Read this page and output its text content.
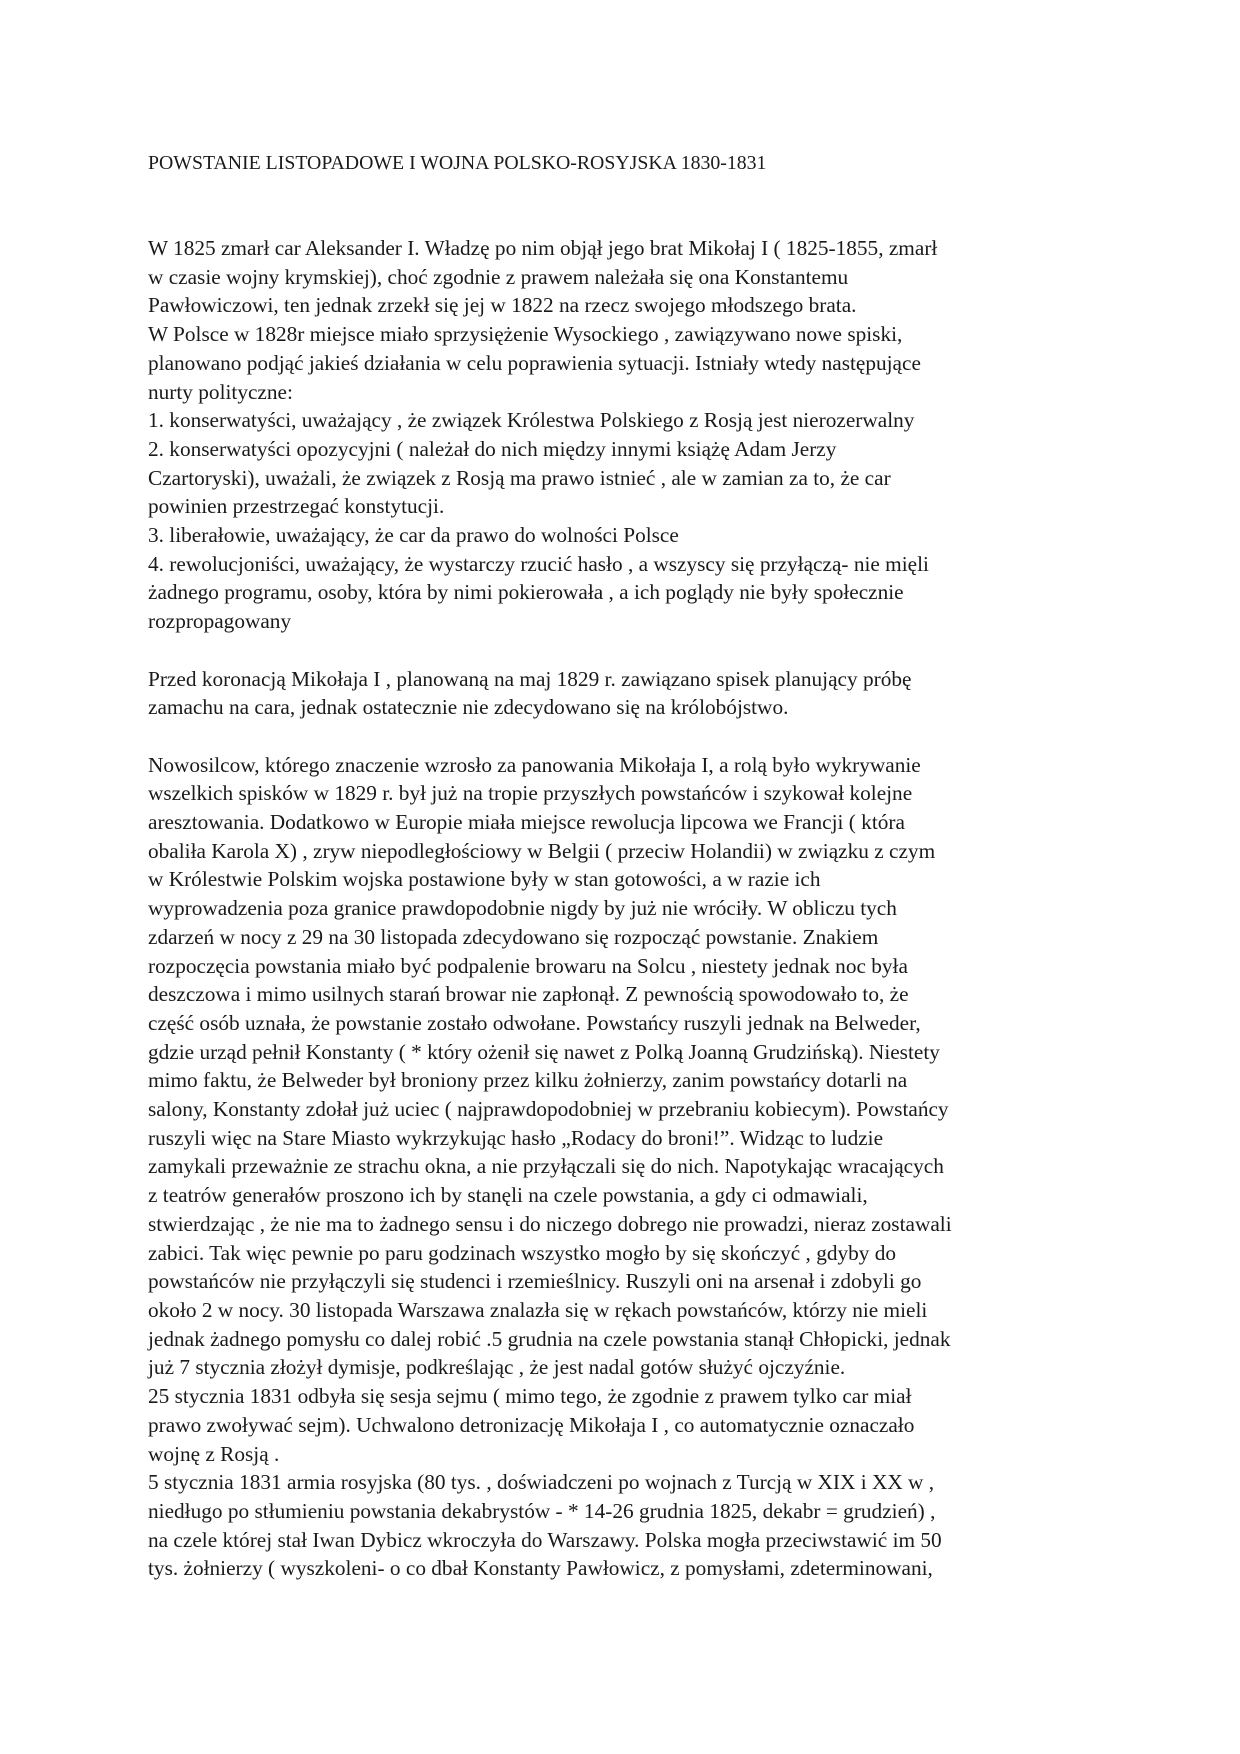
POWSTANIE LISTOPADOWE I WOJNA POLSKO-ROSYJSKA 1830-1831
W 1825 zmarł car Aleksander I. Władzę po nim objął jego brat Mikołaj I ( 1825-1855, zmarł
w czasie wojny krymskiej), choć zgodnie z prawem należała się ona Konstantemu
Pawłowiczowi, ten jednak zrzekł się jej w 1822 na rzecz swojego młodszego brata.
W Polsce w 1828r miejsce miało sprzysiężenie Wysockiego , zawiązywano nowe spiski,
planowano podjąć jakieś działania w celu poprawienia sytuacji. Istniały wtedy następujące
nurty polityczne:
1. konserwatyści, uważający , że związek Królestwa Polskiego z Rosją jest nierozerwalny
2. konserwatyści opozycyjni ( należał do nich między innymi książę Adam Jerzy
Czartoryski), uważali, że związek z Rosją ma prawo istnieć , ale w zamian za to, że car
powinien przestrzegać konstytucji.
3. liberałowie, uważający, że car da prawo do wolności Polsce
4. rewolucjoniści, uważający, że wystarczy rzucić hasło , a wszyscy się przyłączą- nie mięli
żadnego programu, osoby, która by nimi pokierowała , a ich poglądy nie były społecznie
rozpropagowany
Przed koronacją Mikołaja I , planowaną na maj 1829 r. zawiązano spisek planujący próbę
zamachu na cara, jednak ostatecznie nie zdecydowano się na królobójstwo.
Nowosilcow, którego znaczenie wzrosło za panowania Mikołaja I, a rolą było wykrywanie
wszelkich spisków w 1829 r. był już na tropie przyszłych powstańców i szykował kolejne
aresztowania. Dodatkowo w Europie miała miejsce rewolucja lipcowa we Francji ( która
obaliła Karola X) , zryw niepodległościowy w Belgii ( przeciw Holandii) w związku z czym
w Królestwie Polskim wojska postawione były w stan gotowości, a w razie ich
wyprowadzenia poza granice prawdopodobnie nigdy by już nie wróciły. W obliczu tych
zdarzeń w nocy z 29 na 30 listopada zdecydowano się rozpocząć powstanie. Znakiem
rozpoczęcia powstania miało być podpalenie browaru na Solcu , niestety jednak noc była
deszczowa i mimo usilnych starań browar nie zapłonął. Z pewnością spowodowało to, że
część osób uznała, że powstanie zostało odwołane. Powstańcy ruszyli jednak na Belweder,
gdzie urząd pełnił Konstanty ( * który ożenił się nawet z Polką Joanną Grudzińską). Niestety
mimo faktu, że Belweder był broniony przez kilku żołnierzy, zanim powstańcy dotarli na
salony, Konstanty zdołał już uciec ( najprawdopodobniej w przebraniu kobiecym). Powstańcy
ruszyli więc na Stare Miasto wykrzykując hasło „Rodacy do broni!”. Widząc to ludzie
zamykali przeważnie ze strachu okna, a nie przyłączali się do nich. Napotykając wracających
z teatrów generałów proszono ich by stanęli na czele powstania, a gdy ci odmawiali,
stwierdzając , że nie ma to żadnego sensu i do niczego dobrego nie prowadzi, nieraz zostawali
zabici. Tak więc pewnie po paru godzinach wszystko mogło by się skończyć , gdyby do
powstańców nie przyłączyli się studenci i rzemieślnicy. Ruszyli oni na arsenał i zdobyli go
około 2 w nocy. 30 listopada Warszawa znalazła się w rękach powstańców, którzy nie mieli
jednak żadnego pomysłu co dalej robić .5 grudnia na czele powstania stanął Chłopicki, jednak
już 7 stycznia złożył dymisje, podkreślając , że jest nadal gotów służyć ojczyźnie.
25 stycznia 1831 odbyła się sesja sejmu ( mimo tego, że zgodnie z prawem tylko car miał
prawo zwoływać sejm). Uchwalono detronizację Mikołaja I , co automatycznie oznaczało
wojnę z Rosją .
5 stycznia 1831 armia rosyjska (80 tys. , doświadczeni po wojnach z Turcją w XIX i XX w ,
niedługo po stłumieniu powstania dekabrystów - * 14-26 grudnia 1825, dekabr = grudzień) ,
na czele której stał Iwan Dybicz wkroczyła do Warszawy. Polska mogła przeciwstawić im 50
tys. żołnierzy ( wyszkoleni- o co dbał Konstanty Pawłowicz, z pomysłami, zdeterminowani,
